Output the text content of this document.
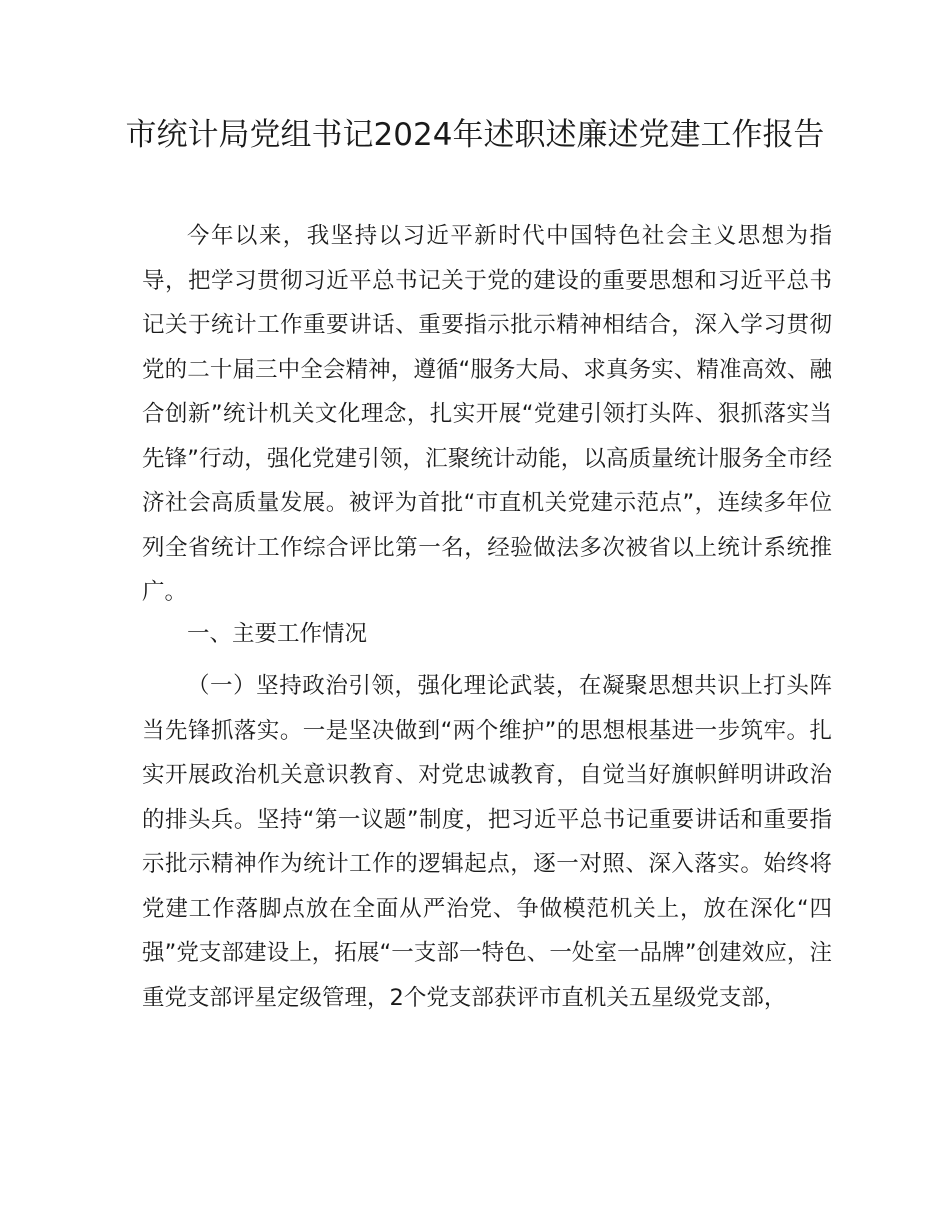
市统计局党组书记2024年述职述廉述党建工作报告

今年以来，我坚持以习近平新时代中国特色社会主义思想为指导，把学习贯彻习近平总书记关于党的建设的重要思想和习近平总书记关于统计工作重要讲话、重要指示批示精神相结合，深入学习贯彻党的二十届三中全会精神，遵循“服务大局、求真务实、精准高效、融合创新”统计机关文化理念，扎实开展“党建引领打头阵、狠抓落实当先锋”行动，强化党建引领，汇聚统计动能，以高质量统计服务全市经济社会高质量发展。被评为首批“市直机关党建示范点”，连续多年位列全省统计工作综合评比第一名，经验做法多次被省以上统计系统推广。

一、主要工作情况

（一）坚持政治引领，强化理论武装，在凝聚思想共识上打头阵当先锋抓落实。一是坚决做到“两个维护”的思想根基进一步筑牢。扎实开展政治机关意识教育、对党忠诚教育，自觉当好旗帜鲜明讲政治的排头兵。坚持“第一议题”制度，把习近平总书记重要讲话和重要指示批示精神作为统计工作的逻辑起点，逐一对照、深入落实。始终将党建工作落脚点放在全面从严治党、争做模范机关上，放在深化“四强”党支部建设上，拓展“一支部一特色、一处室一品牌”创建效应，注重党支部评星定级管理，2个党支部获评市直机关五星级党支部，
